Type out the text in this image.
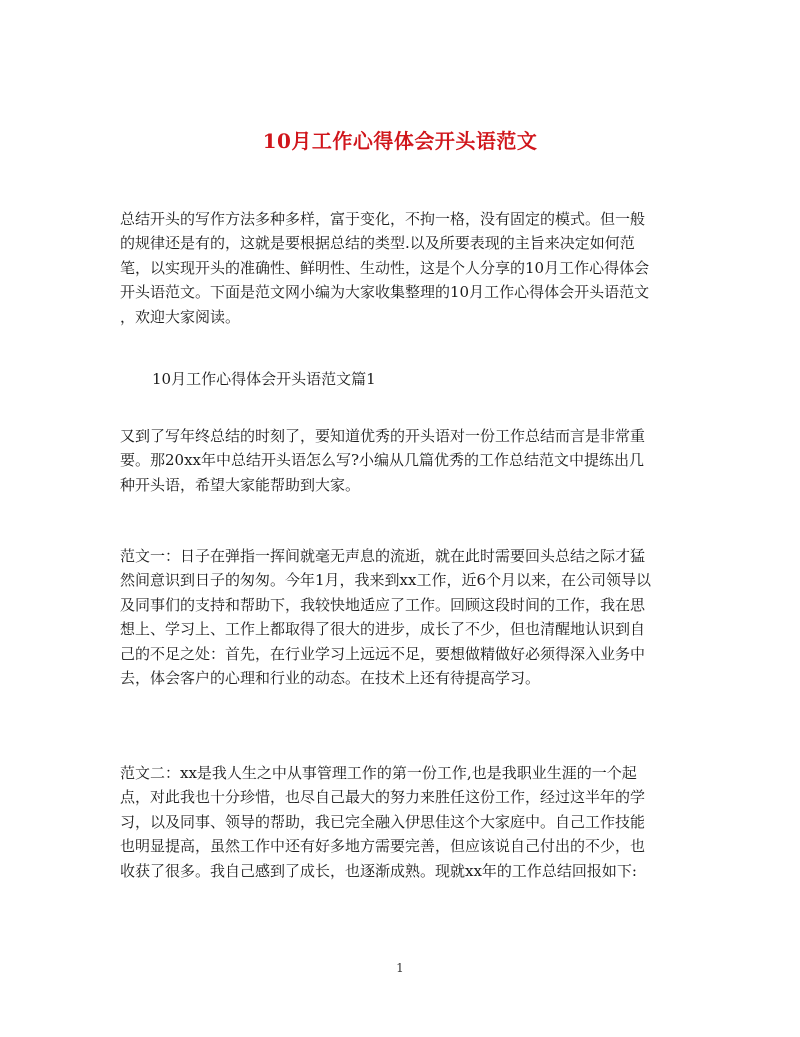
10月工作心得体会开头语范文
总结开头的写作方法多种多样，富于变化，不拘一格，没有固定的模式。但一般
的规律还是有的，这就是要根据总结的类型.以及所要表现的主旨来决定如何范
笔，以实现开头的准确性、鲜明性、生动性，这是个人分享的10月工作心得体会
开头语范文。下面是范文网小编为大家收集整理的10月工作心得体会开头语范文
，欢迎大家阅读。
10月工作心得体会开头语范文篇1
又到了写年终总结的时刻了，要知道优秀的开头语对一份工作总结而言是非常重
要。那20xx年中总结开头语怎么写?小编从几篇优秀的工作总结范文中提练出几
种开头语，希望大家能帮助到大家。
范文一：日子在弹指一挥间就毫无声息的流逝，就在此时需要回头总结之际才猛
然间意识到日子的匆匆。今年1月，我来到xx工作，近6个月以来，在公司领导以
及同事们的支持和帮助下，我较快地适应了工作。回顾这段时间的工作，我在思
想上、学习上、工作上都取得了很大的进步，成长了不少，但也清醒地认识到自
己的不足之处：首先，在行业学习上远远不足，要想做精做好必须得深入业务中
去，体会客户的心理和行业的动态。在技术上还有待提高学习。
范文二：xx是我人生之中从事管理工作的第一份工作,也是我职业生涯的一个起
点，对此我也十分珍惜，也尽自己最大的努力来胜任这份工作，经过这半年的学
习，以及同事、领导的帮助，我已完全融入伊思佳这个大家庭中。自己工作技能
也明显提高，虽然工作中还有好多地方需要完善，但应该说自己付出的不少，也
收获了很多。我自己感到了成长，也逐渐成熟。现就xx年的工作总结回报如下:
1
